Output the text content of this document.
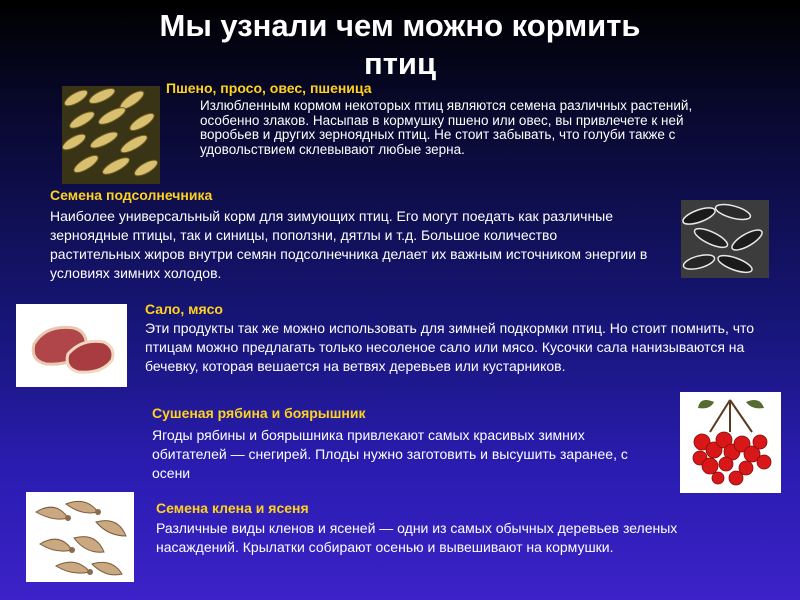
Мы узнали чем можно кормить
птиц
Пшено, просо, овес, пшеница
Излюбленным кормом некоторых птиц являются семена различных растений, особенно злаков. Насыпав в кормушку пшено или овес, вы привлечете к ней воробьев и других зерноядных птиц. Не стоит забывать, что голуби также с удовольствием склевывают любые зерна.
Семена подсолнечника
Наиболее универсальный корм для зимующих птиц. Его могут поедать как различные зерноядные птицы, так и синицы, поползни, дятлы и т.д. Большое количество растительных жиров внутри семян подсолнечника делает их важным источником энергии в условиях зимних холодов.
Сало, мясо
Эти продукты так же можно использовать для зимней подкормки птиц. Но стоит помнить, что птицам можно предлагать только несоленое сало или мясо. Кусочки сала нанизываются на бечевку, которая вешается на ветвях деревьев или кустарников.
Сушеная рябина и боярышник
Ягоды рябины и боярышника привлекают самых красивых зимних обитателей — снегирей. Плоды нужно заготовить и высушить заранее, с осени
Семена клена и ясеня
Различные виды кленов и ясеней — одни из самых обычных деревьев зеленых насаждений. Крылатки собирают осенью и вывешивают на кормушки.
